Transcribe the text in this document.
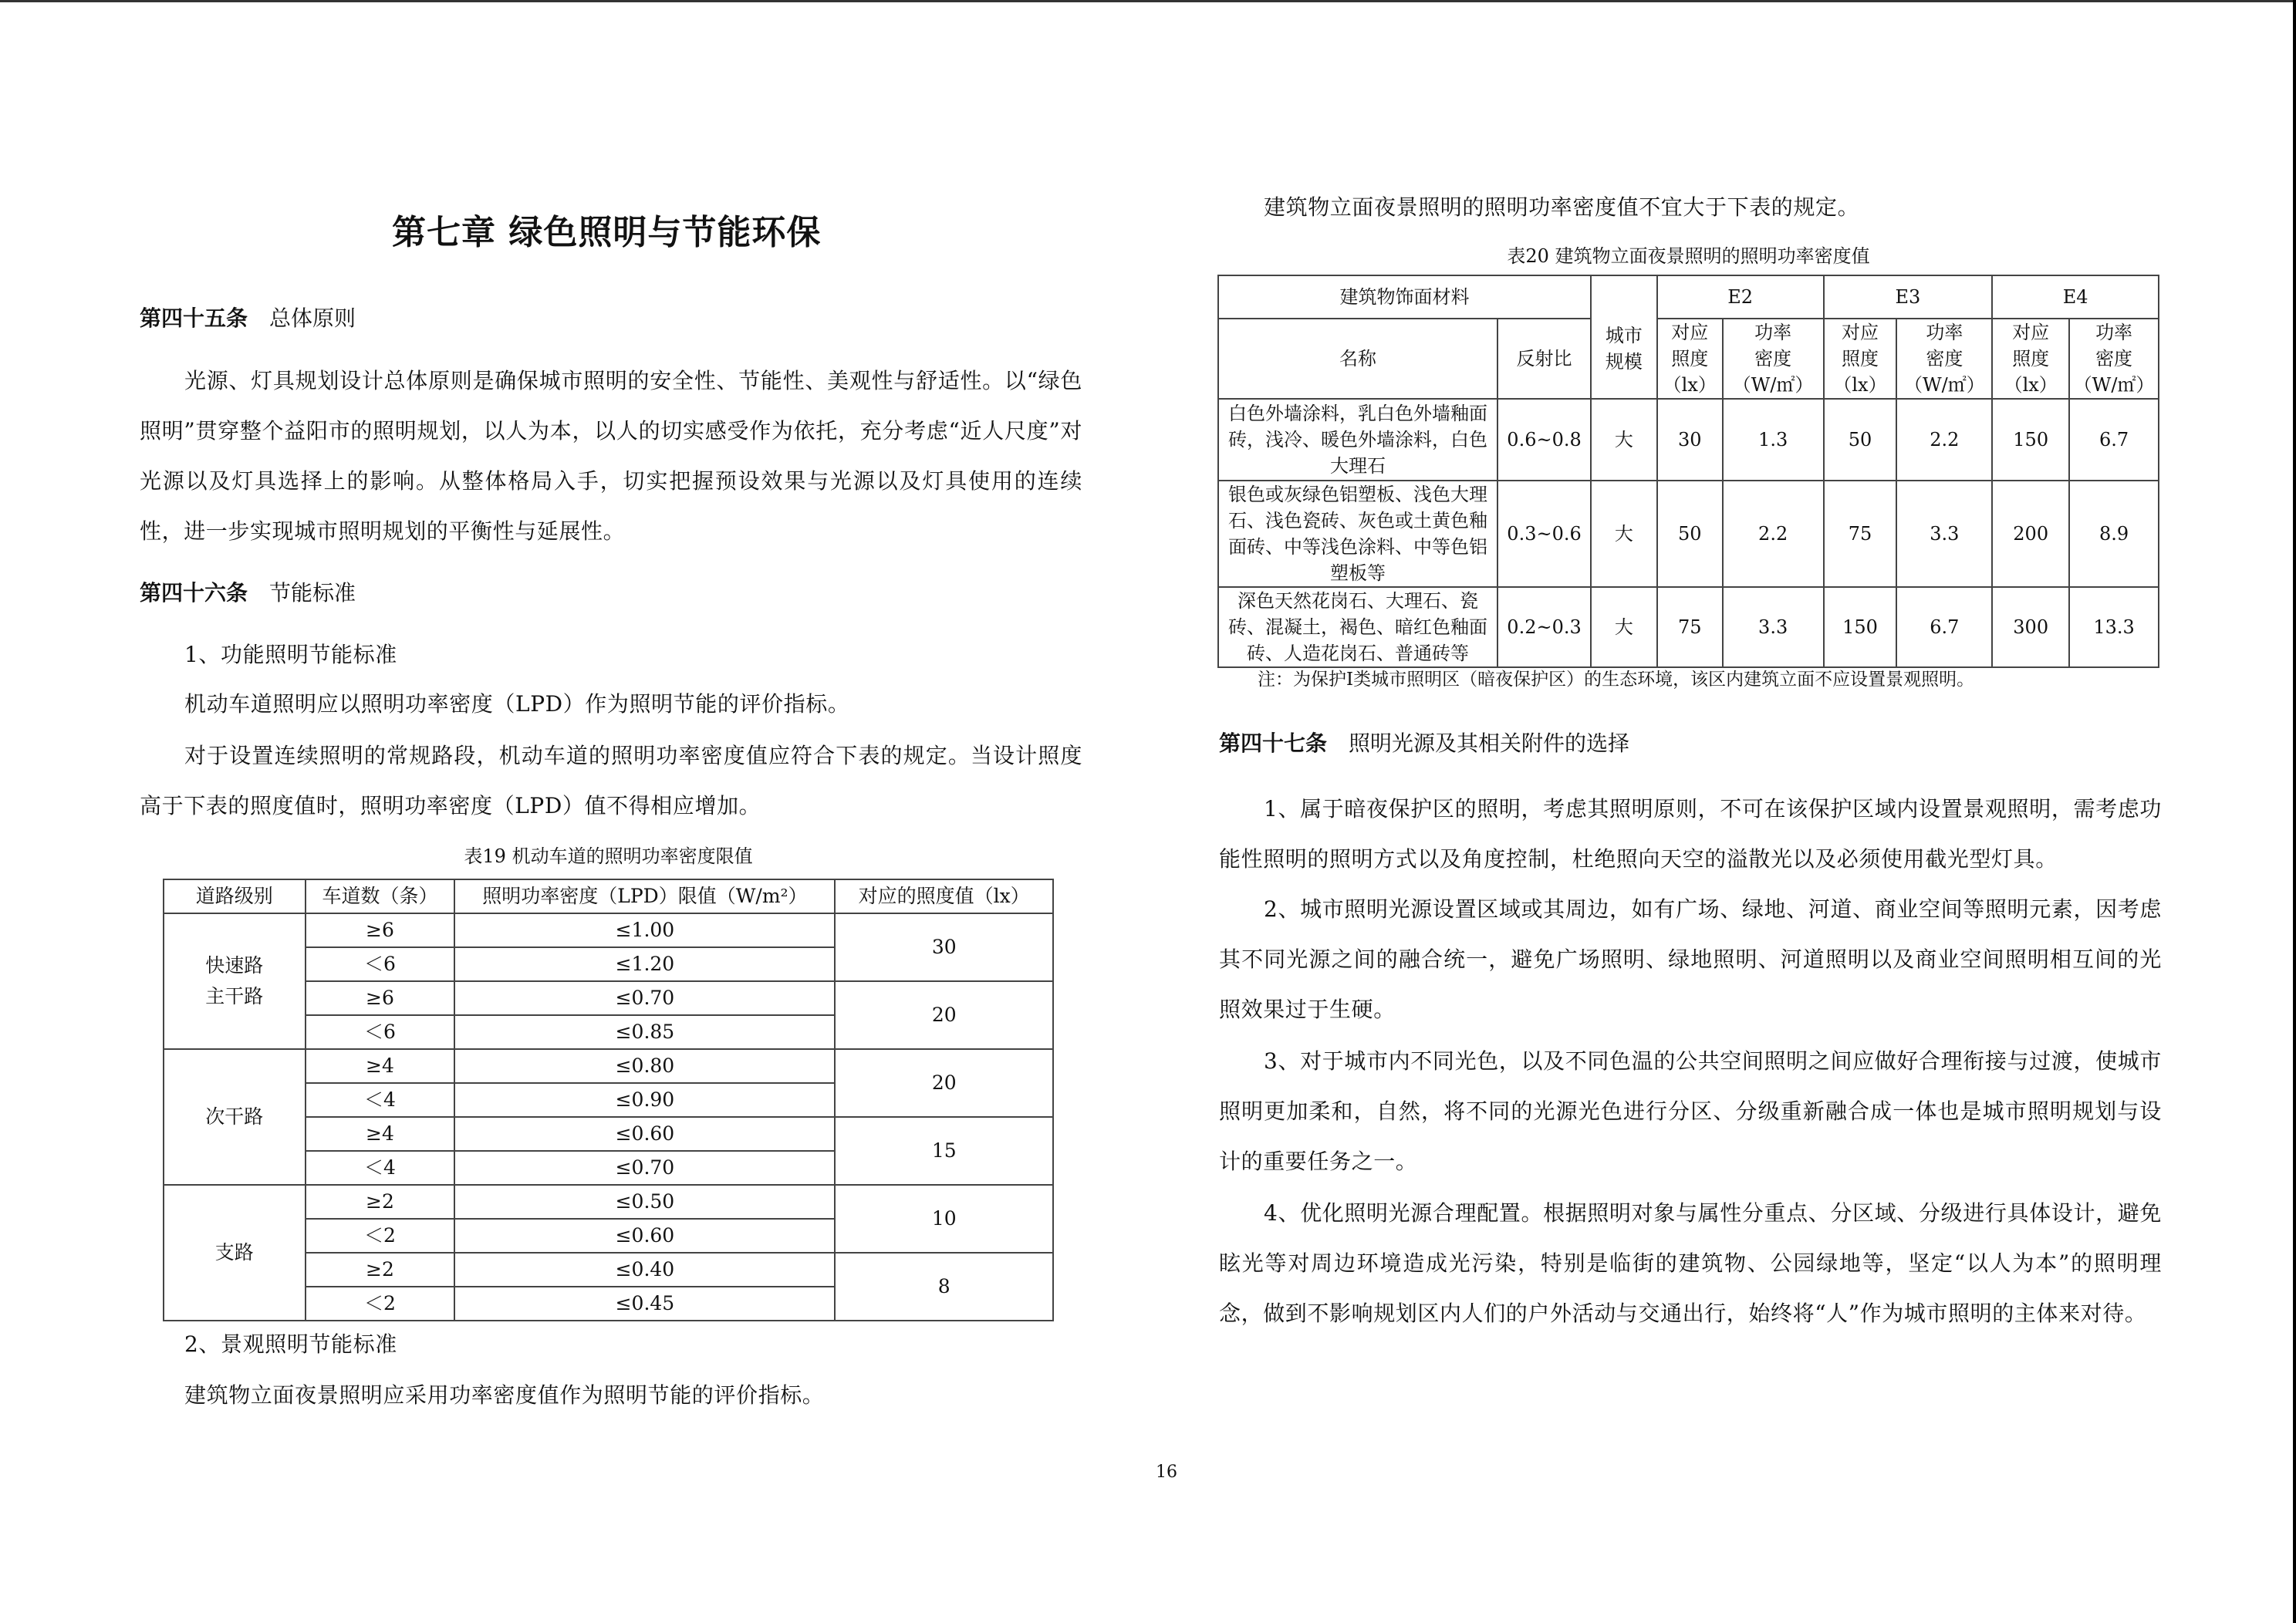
第七章 绿色照明与节能环保
第四十五条 总体原则
光源、灯具规划设计总体原则是确保城市照明的安全性、节能性、美观性与舒适性。以“绿色照明”贯穿整个益阳市的照明规划，以人为本，以人的切实感受作为依托，充分考虑“近人尺度”对光源以及灯具选择上的影响。从整体格局入手，切实把握预设效果与光源以及灯具使用的连续性，进一步实现城市照明规划的平衡性与延展性。
第四十六条 节能标准
1、功能照明节能标准
机动车道照明应以照明功率密度（LPD）作为照明节能的评价指标。
对于设置连续照明的常规路段，机动车道的照明功率密度值应符合下表的规定。当设计照度高于下表的照度值时，照明功率密度（LPD）值不得相应增加。
表19 机动车道的照明功率密度限值
道路级别	车道数（条）	照明功率密度（LPD）限值（W/m²）	对应的照度值（lx）

快速路
主干路
	≥6	≤1.00	30
＜6	≤1.20
≥6	≤0.70	20
＜6	≤0.85

次干路
	≥4	≤0.80	20
＜4	≤0.90
≥4	≤0.60	15
＜4	≤0.70

支路
	≥2	≤0.50	10
＜2	≤0.60
≥2	≤0.40	8
＜2	≤0.45
2、景观照明节能标准
建筑物立面夜景照明应采用功率密度值作为照明节能的评价指标。
16
建筑物立面夜景照明的照明功率密度值不宜大于下表的规定。
表20 建筑物立面夜景照明的照明功率密度值
建筑物饰面材料	
城市
规模
	E2	E3	E4
名称	反射比	
对应
照度
（lx）

功率
密度
（W/㎡）

对应
照度
（lx）

功率
密度
（W/㎡）

对应
照度
（lx）

功率
密度
（W/㎡）

白色外墙涂料，乳白色外墙釉面砖，浅冷、暖色外墙涂料，白色大理石	0.6~0.8	大	30	1.3	50	2.2	150	6.7
银色或灰绿色铝塑板、浅色大理石、浅色瓷砖、灰色或土黄色釉面砖、中等浅色涂料、中等色铝塑板等	0.3~0.6	大	50	2.2	75	3.3	200	8.9
深色天然花岗石、大理石、瓷砖、混凝土，褐色、暗红色釉面砖、人造花岗石、普通砖等	0.2~0.3	大	75	3.3	150	6.7	300	13.3
注：为保护Ⅰ类城市照明区（暗夜保护区）的生态环境，该区内建筑立面不应设置景观照明。
第四十七条 照明光源及其相关附件的选择
1、属于暗夜保护区的照明，考虑其照明原则，不可在该保护区域内设置景观照明，需考虑功能性照明的照明方式以及角度控制，杜绝照向天空的溢散光以及必须使用截光型灯具。
2、城市照明光源设置区域或其周边，如有广场、绿地、河道、商业空间等照明元素，因考虑其不同光源之间的融合统一，避免广场照明、绿地照明、河道照明以及商业空间照明相互间的光照效果过于生硬。
3、对于城市内不同光色，以及不同色温的公共空间照明之间应做好合理衔接与过渡，使城市照明更加柔和，自然，将不同的光源光色进行分区、分级重新融合成一体也是城市照明规划与设计的重要任务之一。
4、优化照明光源合理配置。根据照明对象与属性分重点、分区域、分级进行具体设计，避免眩光等对周边环境造成光污染，特别是临街的建筑物、公园绿地等，坚定“以人为本”的照明理念，做到不影响规划区内人们的户外活动与交通出行，始终将“人”作为城市照明的主体来对待。
